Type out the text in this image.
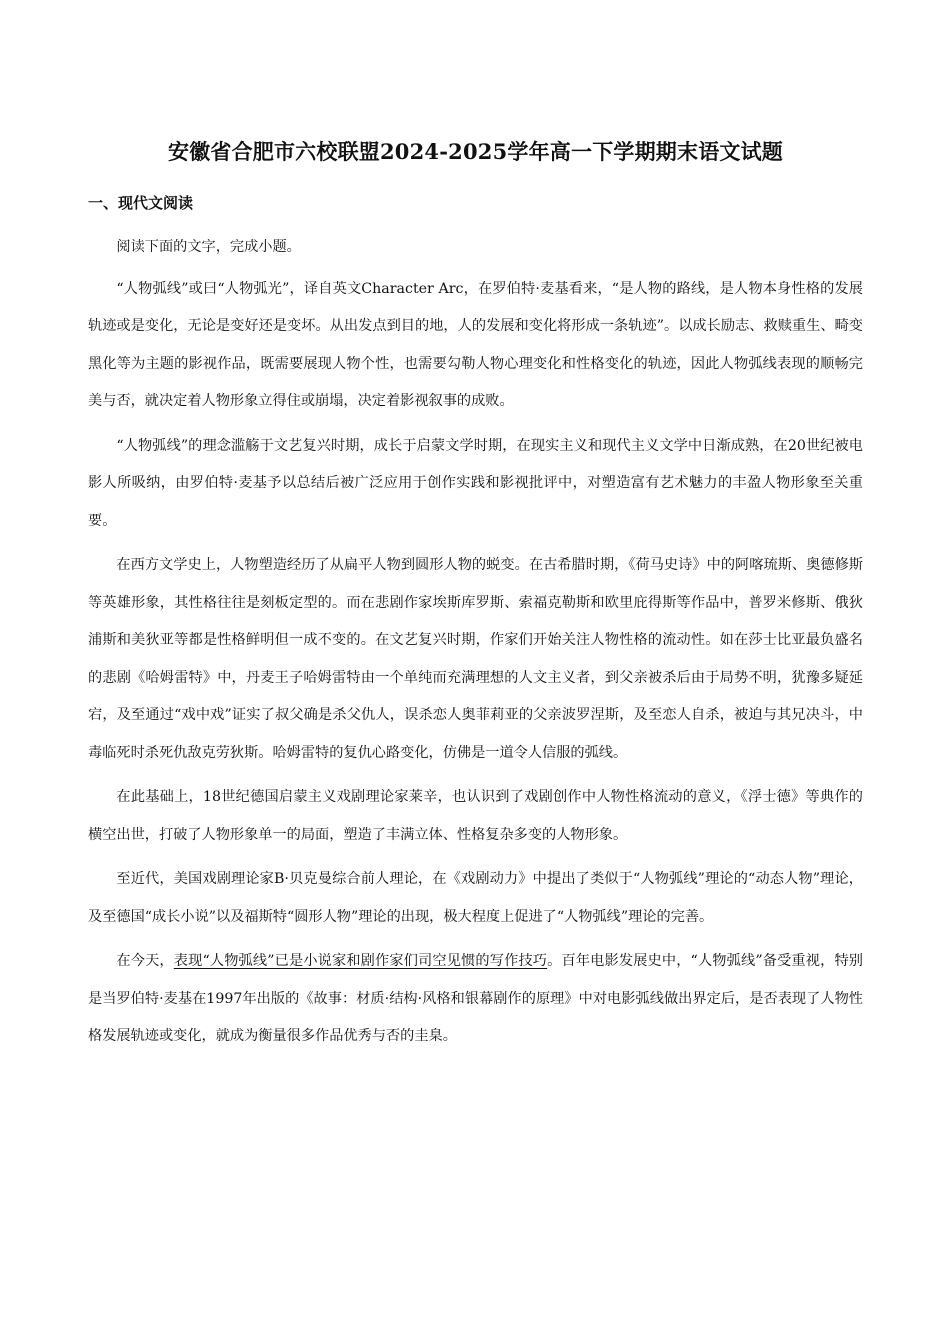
安徽省合肥市六校联盟2024-2025学年高一下学期期末语文试题
一、现代文阅读

阅读下面的文字，完成小题。

“人物弧线”或曰“人物弧光”，译自英文Character Arc，在罗伯特·麦基看来，“是人物的路线，是人物本身性格的发展轨迹或是变化，无论是变好还是变坏。从出发点到目的地，人的发展和变化将形成一条轨迹”。以成长励志、救赎重生、畸变黑化等为主题的影视作品，既需要展现人物个性，也需要勾勒人物心理变化和性格变化的轨迹，因此人物弧线表现的顺畅完美与否，就决定着人物形象立得住或崩塌，决定着影视叙事的成败。

“人物弧线”的理念滥觞于文艺复兴时期，成长于启蒙文学时期，在现实主义和现代主义文学中日渐成熟，在20世纪被电影人所吸纳，由罗伯特·麦基予以总结后被广泛应用于创作实践和影视批评中，对塑造富有艺术魅力的丰盈人物形象至关重要。

在西方文学史上，人物塑造经历了从扁平人物到圆形人物的蜕变。在古希腊时期，《荷马史诗》中的阿喀琉斯、奥德修斯等英雄形象，其性格往往是刻板定型的。而在悲剧作家埃斯库罗斯、索福克勒斯和欧里庇得斯等作品中，普罗米修斯、俄狄浦斯和美狄亚等都是性格鲜明但一成不变的。在文艺复兴时期，作家们开始关注人物性格的流动性。如在莎士比亚最负盛名的悲剧《哈姆雷特》中，丹麦王子哈姆雷特由一个单纯而充满理想的人文主义者，到父亲被杀后由于局势不明，犹豫多疑延宕，及至通过“戏中戏”证实了叔父确是杀父仇人，误杀恋人奥菲莉亚的父亲波罗涅斯，及至恋人自杀，被迫与其兄决斗，中毒临死时杀死仇敌克劳狄斯。哈姆雷特的复仇心路变化，仿佛是一道令人信服的弧线。

在此基础上，18世纪德国启蒙主义戏剧理论家莱辛，也认识到了戏剧创作中人物性格流动的意义，《浮士德》等典作的横空出世，打破了人物形象单一的局面，塑造了丰满立体、性格复杂多变的人物形象。

至近代，美国戏剧理论家B·贝克曼综合前人理论，在《戏剧动力》中提出了类似于“人物弧线”理论的“动态人物”理论，及至德国“成长小说”以及福斯特“圆形人物”理论的出现，极大程度上促进了“人物弧线”理论的完善。

在今天，表现“人物弧线”已是小说家和剧作家们司空见惯的写作技巧。百年电影发展史中，“人物弧线”备受重视，特别是当罗伯特·麦基在1997年出版的《故事：材质·结构·风格和银幕剧作的原理》中对电影弧线做出界定后，是否表现了人物性格发展轨迹或变化，就成为衡量很多作品优秀与否的圭臬。
